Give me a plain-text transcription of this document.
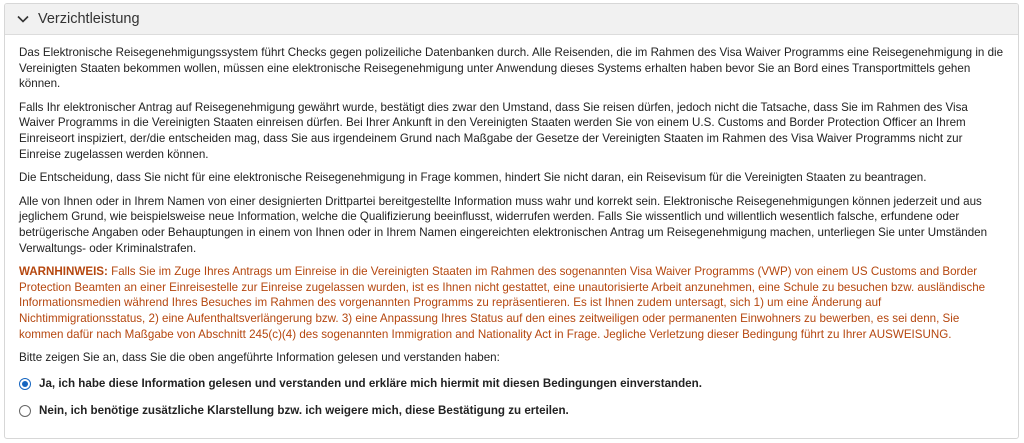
Verzichtleistung

Das Elektronische Reisegenehmigungssystem führt Checks gegen polizeiliche Datenbanken durch. Alle Reisenden, die im Rahmen des Visa Waiver Programms eine Reisegenehmigung in die Vereinigten Staaten bekommen wollen, müssen eine elektronische Reisegenehmigung unter Anwendung dieses Systems erhalten haben bevor Sie an Bord eines Transportmittels gehen können.

Falls Ihr elektronischer Antrag auf Reisegenehmigung gewährt wurde, bestätigt dies zwar den Umstand, dass Sie reisen dürfen, jedoch nicht die Tatsache, dass Sie im Rahmen des Visa Waiver Programms in die Vereinigten Staaten einreisen dürfen. Bei Ihrer Ankunft in den Vereinigten Staaten werden Sie von einem U.S. Customs and Border Protection Officer an Ihrem Einreiseort inspiziert, der/die entscheiden mag, dass Sie aus irgendeinem Grund nach Maßgabe der Gesetze der Vereinigten Staaten im Rahmen des Visa Waiver Programms nicht zur Einreise zugelassen werden können.

Die Entscheidung, dass Sie nicht für eine elektronische Reisegenehmigung in Frage kommen, hindert Sie nicht daran, ein Reisevisum für die Vereinigten Staaten zu beantragen.

Alle von Ihnen oder in Ihrem Namen von einer designierten Drittpartei bereitgestellte Information muss wahr und korrekt sein. Elektronische Reisegenehmigungen können jederzeit und aus jeglichem Grund, wie beispielsweise neue Information, welche die Qualifizierung beeinflusst, widerrufen werden. Falls Sie wissentlich und willentlich wesentlich falsche, erfundene oder betrügerische Angaben oder Behauptungen in einem von Ihnen oder in Ihrem Namen eingereichten elektronischen Antrag um Reisegenehmigung machen, unterliegen Sie unter Umständen Verwaltungs- oder Kriminalstrafen.

WARNHINWEIS: Falls Sie im Zuge Ihres Antrags um Einreise in die Vereinigten Staaten im Rahmen des sogenannten Visa Waiver Programms (VWP) von einem US Customs and Border Protection Beamten an einer Einreisestelle zur Einreise zugelassen wurden, ist es Ihnen nicht gestattet, eine unautorisierte Arbeit anzunehmen, eine Schule zu besuchen bzw. ausländische Informationsmedien während Ihres Besuches im Rahmen des vorgenannten Programms zu repräsentieren. Es ist Ihnen zudem untersagt, sich 1) um eine Änderung auf Nichtimmigrationsstatus, 2) eine Aufenthaltsverlängerung bzw. 3) eine Anpassung Ihres Status auf den eines zeitweiligen oder permanenten Einwohners zu bewerben, es sei denn, Sie kommen dafür nach Maßgabe von Abschnitt 245(c)(4) des sogenannten Immigration and Nationality Act in Frage. Jegliche Verletzung dieser Bedingung führt zu Ihrer AUSWEISUNG.

Bitte zeigen Sie an, dass Sie die oben angeführte Information gelesen und verstanden haben:

Ja, ich habe diese Information gelesen und verstanden und erkläre mich hiermit mit diesen Bedingungen einverstanden.
Nein, ich benötige zusätzliche Klarstellung bzw. ich weigere mich, diese Bestätigung zu erteilen.
